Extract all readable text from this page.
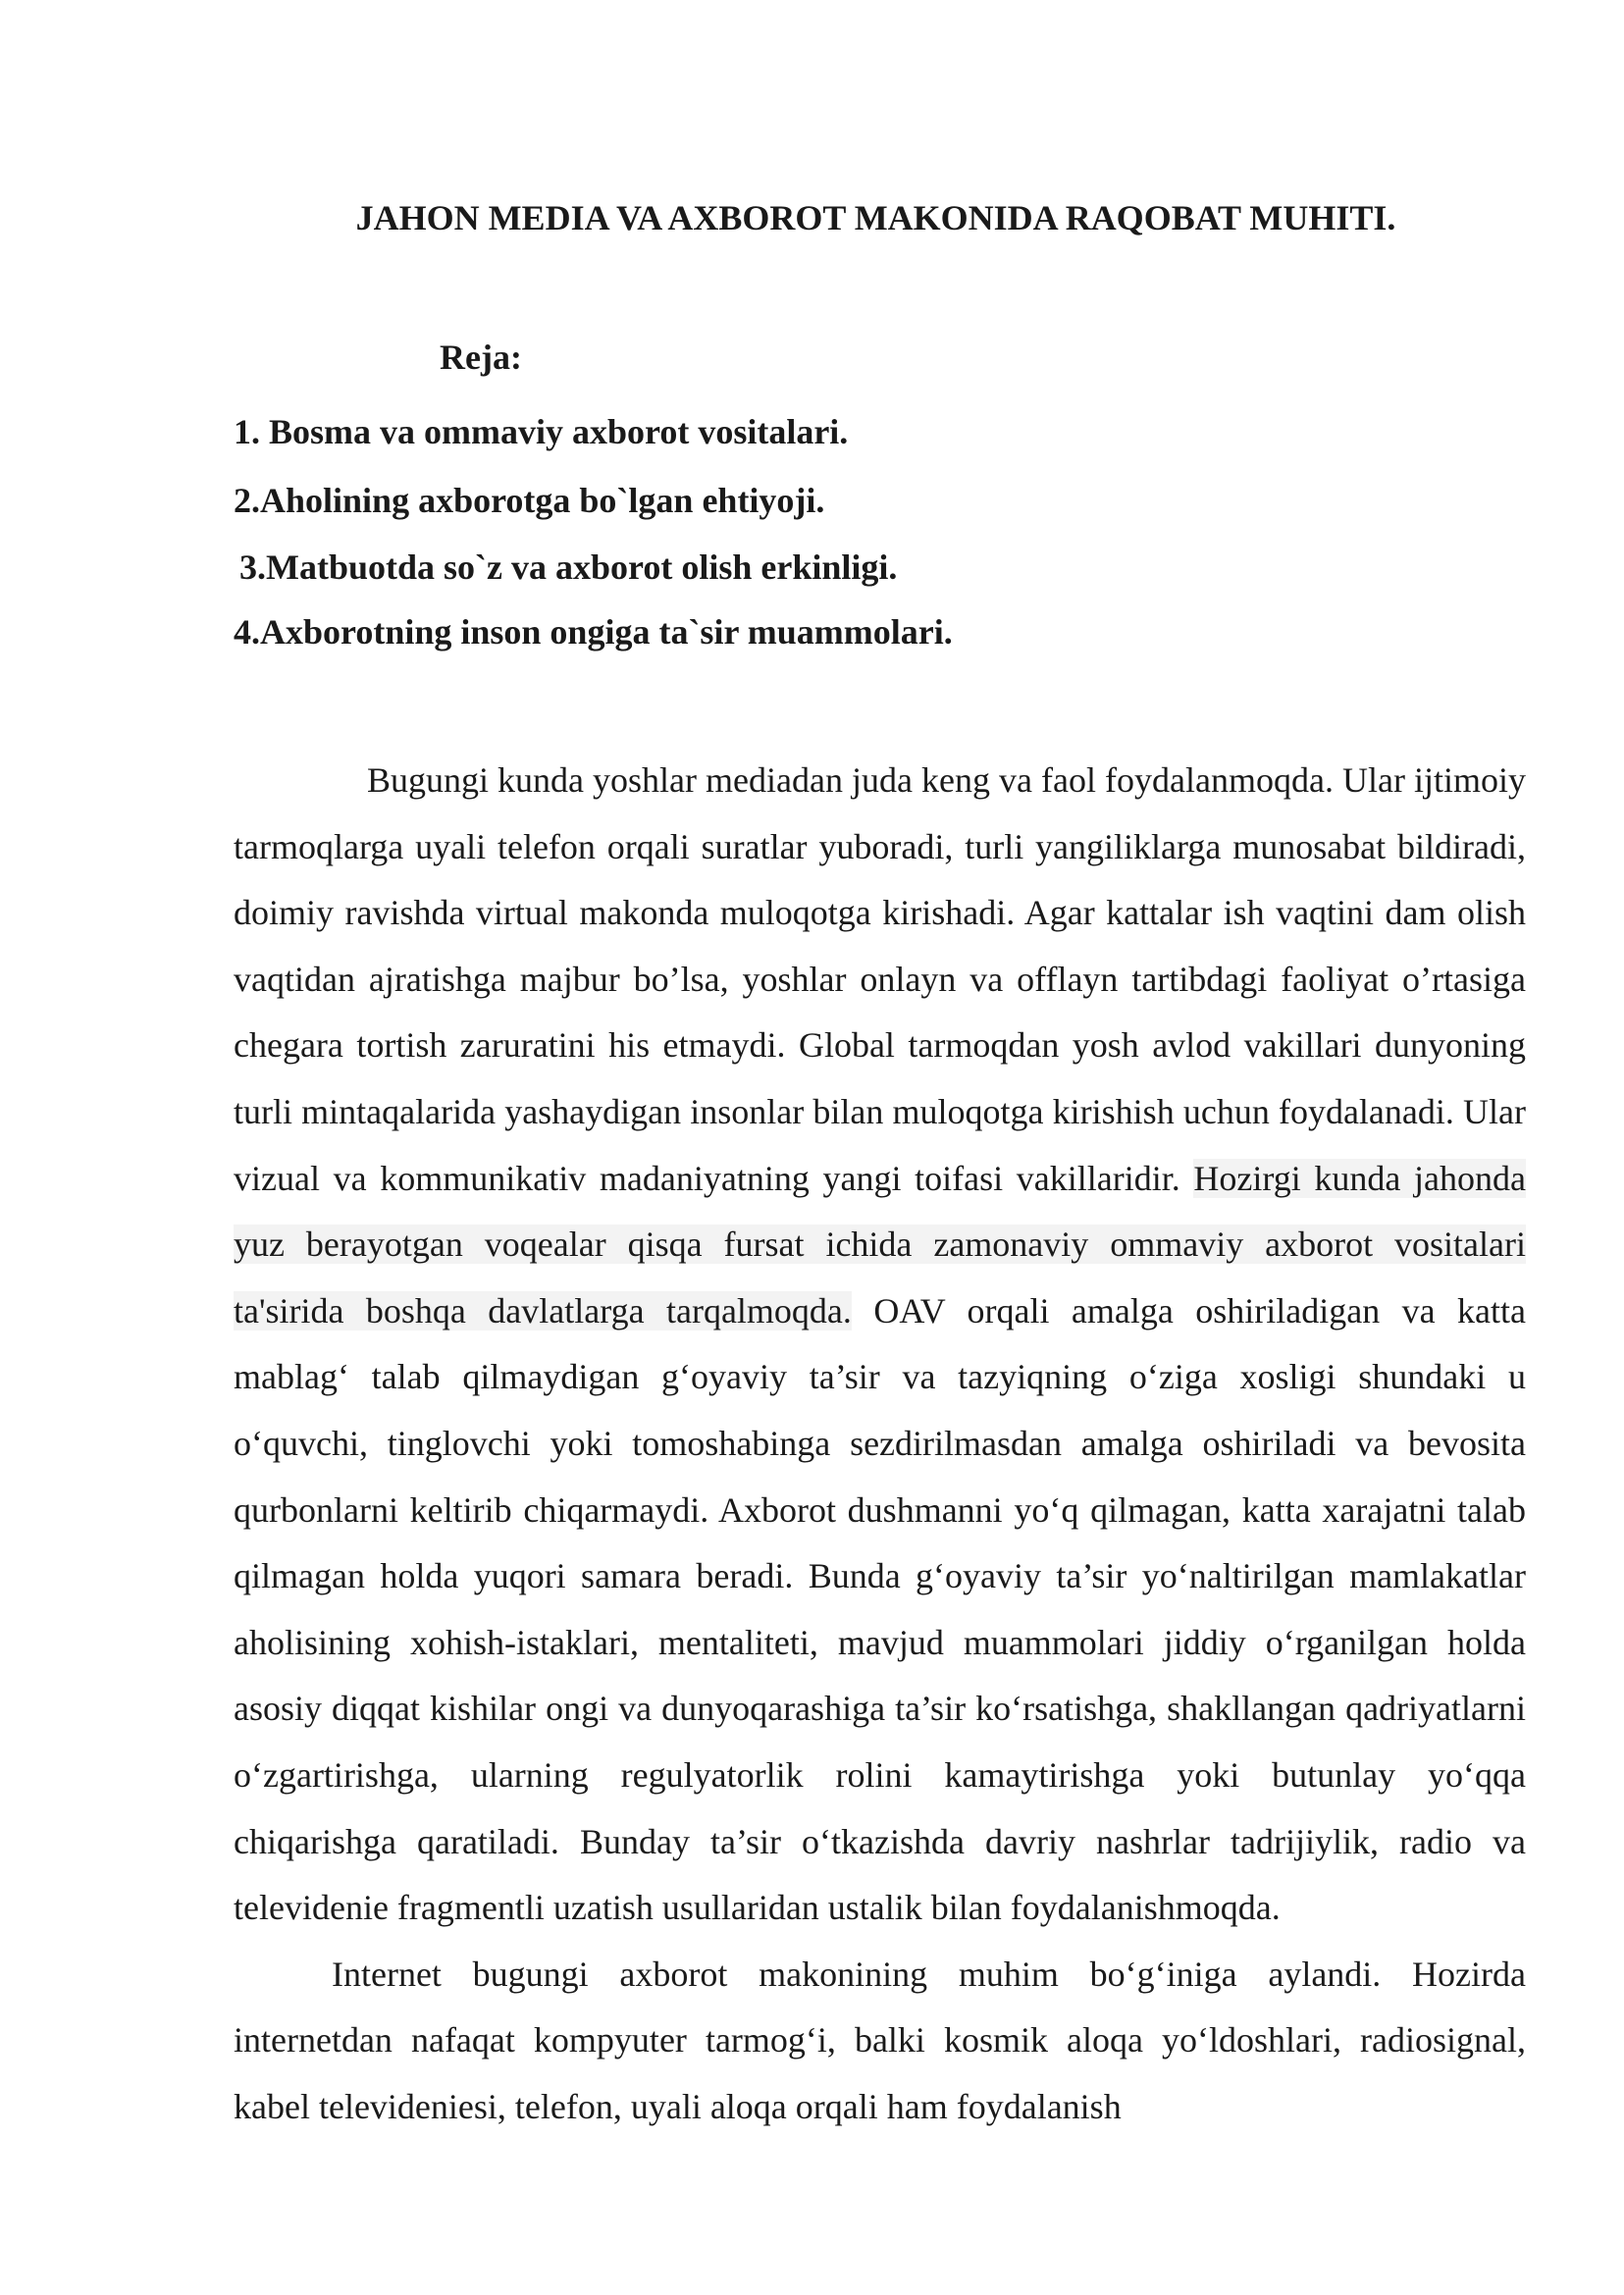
JAHON MEDIA VA AXBOROT MAKONIDA RAQOBAT MUHITI.
Reja:
1. Bosma va ommaviy axborot vositalari.
2.Aholining axborotga bo`lgan ehtiyoji.
3.Matbuotda so`z va axborot olish erkinligi.
4.Axborotning inson ongiga ta`sir muammolari.

Bugungi kunda yoshlar mediadan juda keng va faol foydalanmoqda. Ular ijtimoiy tarmoqlarga uyali telefon orqali suratlar yuboradi, turli yangiliklarga munosabat bildiradi, doimiy ravishda virtual makonda muloqotga kirishadi. Agar kattalar ish vaqtini dam olish vaqtidan ajratishga majbur bo’lsa, yoshlar onlayn va offlayn tartibdagi faoliyat o’rtasiga chegara tortish zaruratini his etmaydi. Global tarmoqdan yosh avlod vakillari dunyoning turli mintaqalarida yashaydigan insonlar bilan muloqotga kirishish uchun foydalanadi. Ular vizual va kommunikativ madaniyatning yangi toifasi vakillaridir. Hozirgi kunda jahonda yuz berayotgan voqealar qisqa fursat ichida zamonaviy ommaviy axborot vositalari ta'sirida boshqa davlatlarga tarqalmoqda. OAV orqali amalga oshiriladigan va katta mablag‘ talab qilmaydigan g‘oyaviy ta’sir va tazyiqning o‘ziga xosligi shundaki u o‘quvchi, tinglovchi yoki tomoshabinga sezdirilmasdan amalga oshiriladi va bevosita qurbonlarni keltirib chiqarmaydi. Axborot dushmanni yo‘q qilmagan, katta xarajatni talab qilmagan holda yuqori samara beradi. Bunda g‘oyaviy ta’sir yo‘naltirilgan mamlakatlar aholisining xohish-istaklari, mentaliteti, mavjud muammolari jiddiy o‘rganilgan holda asosiy diqqat kishilar ongi va dunyoqarashiga ta’sir ko‘rsatishga, shakllangan qadriyatlarni o‘zgartirishga, ularning regulyatorlik rolini kamaytirishga yoki butunlay yo‘qqa chiqarishga qaratiladi. Bunday ta’sir o‘tkazishda davriy nashrlar tadrijiylik, radio va televidenie fragmentli uzatish usullaridan ustalik bilan foydalanishmoqda.

Internet bugungi axborot makonining muhim bo‘g‘iniga aylandi. Hozirda internetdan nafaqat kompyuter tarmog‘i, balki kosmik aloqa yo‘ldoshlari, radiosignal, kabel televideniesi, telefon, uyali aloqa orqali ham foydalanish
